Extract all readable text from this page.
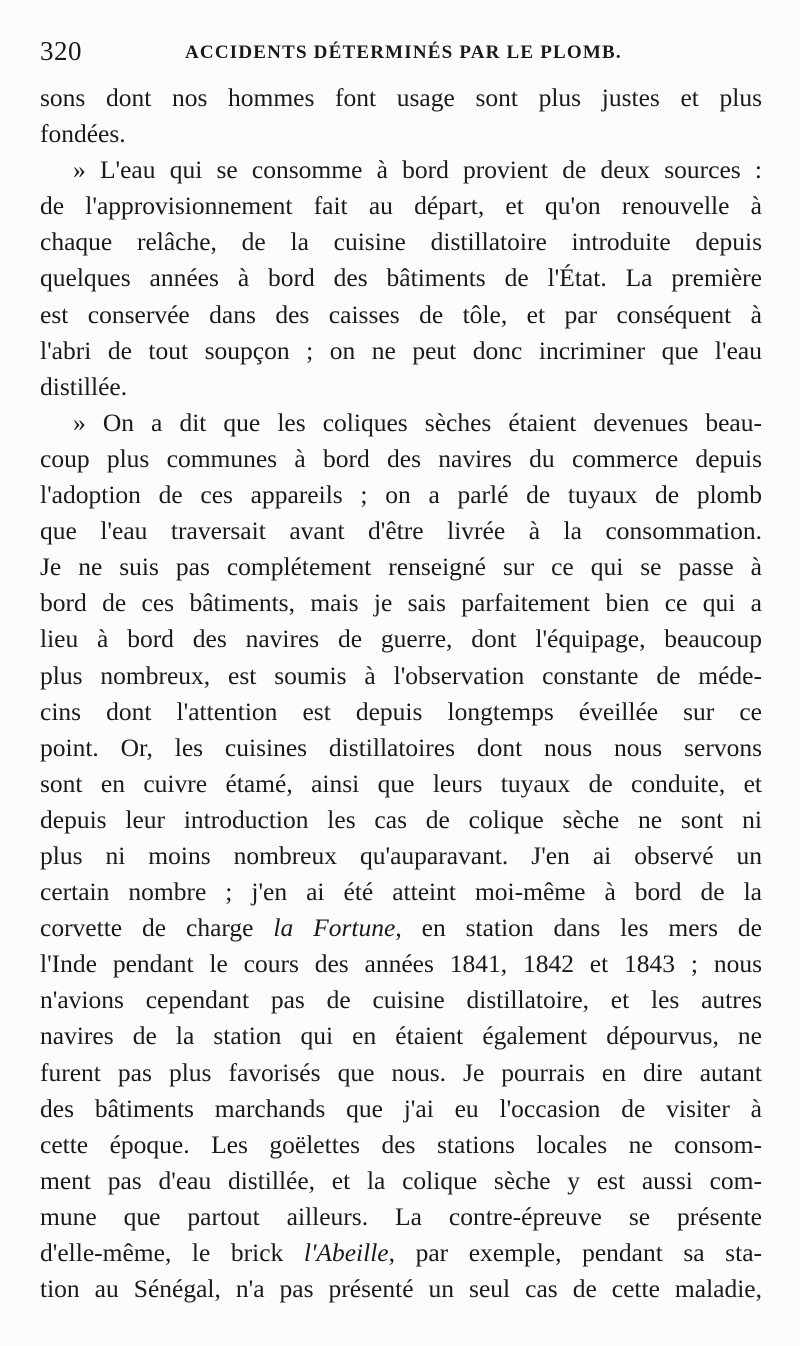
320	ACCIDENTS DÉTERMINÉS PAR LE PLOMB.
sons dont nos hommes font usage sont plus justes et plus
fondées.
» L'eau qui se consomme à bord provient de deux sources :
de l'approvisionnement fait au départ, et qu'on renouvelle à
chaque relâche, de la cuisine distillatoire introduite depuis
quelques années à bord des bâtiments de l'État. La première
est conservée dans des caisses de tôle, et par conséquent à
l'abri de tout soupçon ; on ne peut donc incriminer que l'eau
distillée.
» On a dit que les coliques sèches étaient devenues beau-
coup plus communes à bord des navires du commerce depuis
l'adoption de ces appareils ; on a parlé de tuyaux de plomb
que l'eau traversait avant d'être livrée à la consommation.
Je ne suis pas complétement renseigné sur ce qui se passe à
bord de ces bâtiments, mais je sais parfaitement bien ce qui a
lieu à bord des navires de guerre, dont l'équipage, beaucoup
plus nombreux, est soumis à l'observation constante de méde-
cins dont l'attention est depuis longtemps éveillée sur ce
point. Or, les cuisines distillatoires dont nous nous servons
sont en cuivre étamé, ainsi que leurs tuyaux de conduite, et
depuis leur introduction les cas de colique sèche ne sont ni
plus ni moins nombreux qu'auparavant. J'en ai observé un
certain nombre ; j'en ai été atteint moi-même à bord de la
corvette de charge la Fortune, en station dans les mers de
l'Inde pendant le cours des années 1841, 1842 et 1843 ; nous
n'avions cependant pas de cuisine distillatoire, et les autres
navires de la station qui en étaient également dépourvus, ne
furent pas plus favorisés que nous. Je pourrais en dire autant
des bâtiments marchands que j'ai eu l'occasion de visiter à
cette époque. Les goëlettes des stations locales ne consom-
ment pas d'eau distillée, et la colique sèche y est aussi com-
mune que partout ailleurs. La contre-épreuve se présente
d'elle-même, le brick l'Abeille, par exemple, pendant sa sta-
tion au Sénégal, n'a pas présenté un seul cas de cette maladie,
